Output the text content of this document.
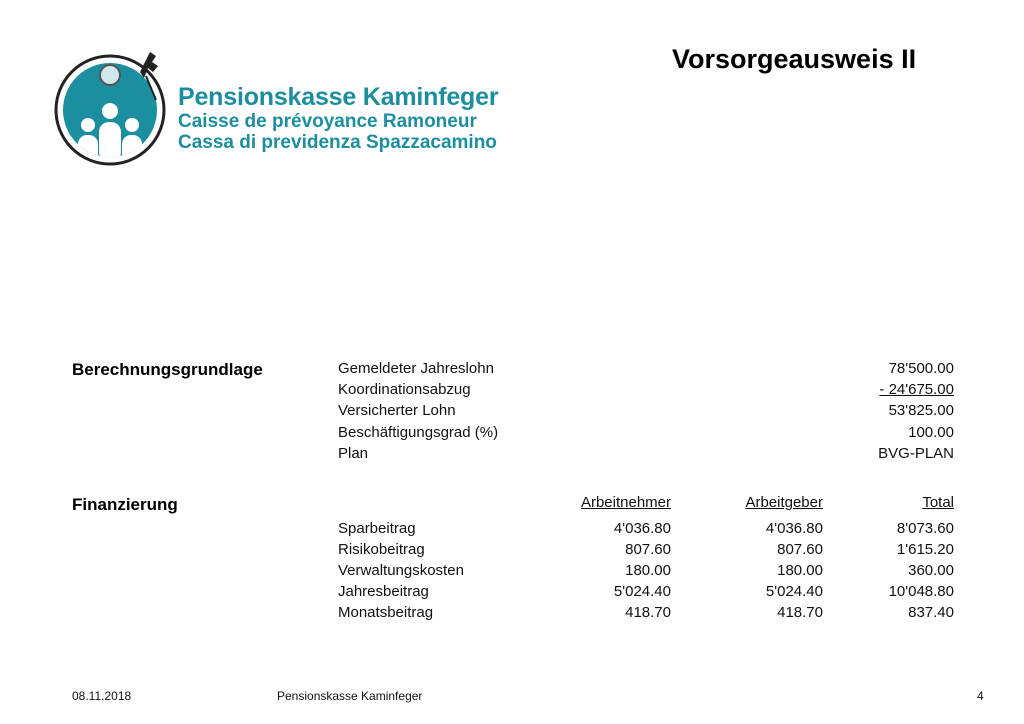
Pensionskasse Kaminfeger
Caisse de prévoyance Ramoneur
Cassa di previdenza Spazzacamino
Vorsorgeausweis II
Berechnungsgrundlage	Gemeldeter Jahreslohn	78'500.00
Koordinationsabzug	- 24'675.00
Versicherter Lohn	53'825.00
Beschäftigungsgrad (%)	100.00
Plan	BVG-PLAN
Finanzierung	Arbeitnehmer	Arbeitgeber	Total
Sparbeitrag	4'036.80	4'036.80	8'073.60
Risikobeitrag	807.60	807.60	1'615.20
Verwaltungskosten	180.00	180.00	360.00
Jahresbeitrag	5'024.40	5'024.40	10'048.80
Monatsbeitrag	418.70	418.70	837.40
08.11.2018	Pensionskasse Kaminfeger	4
